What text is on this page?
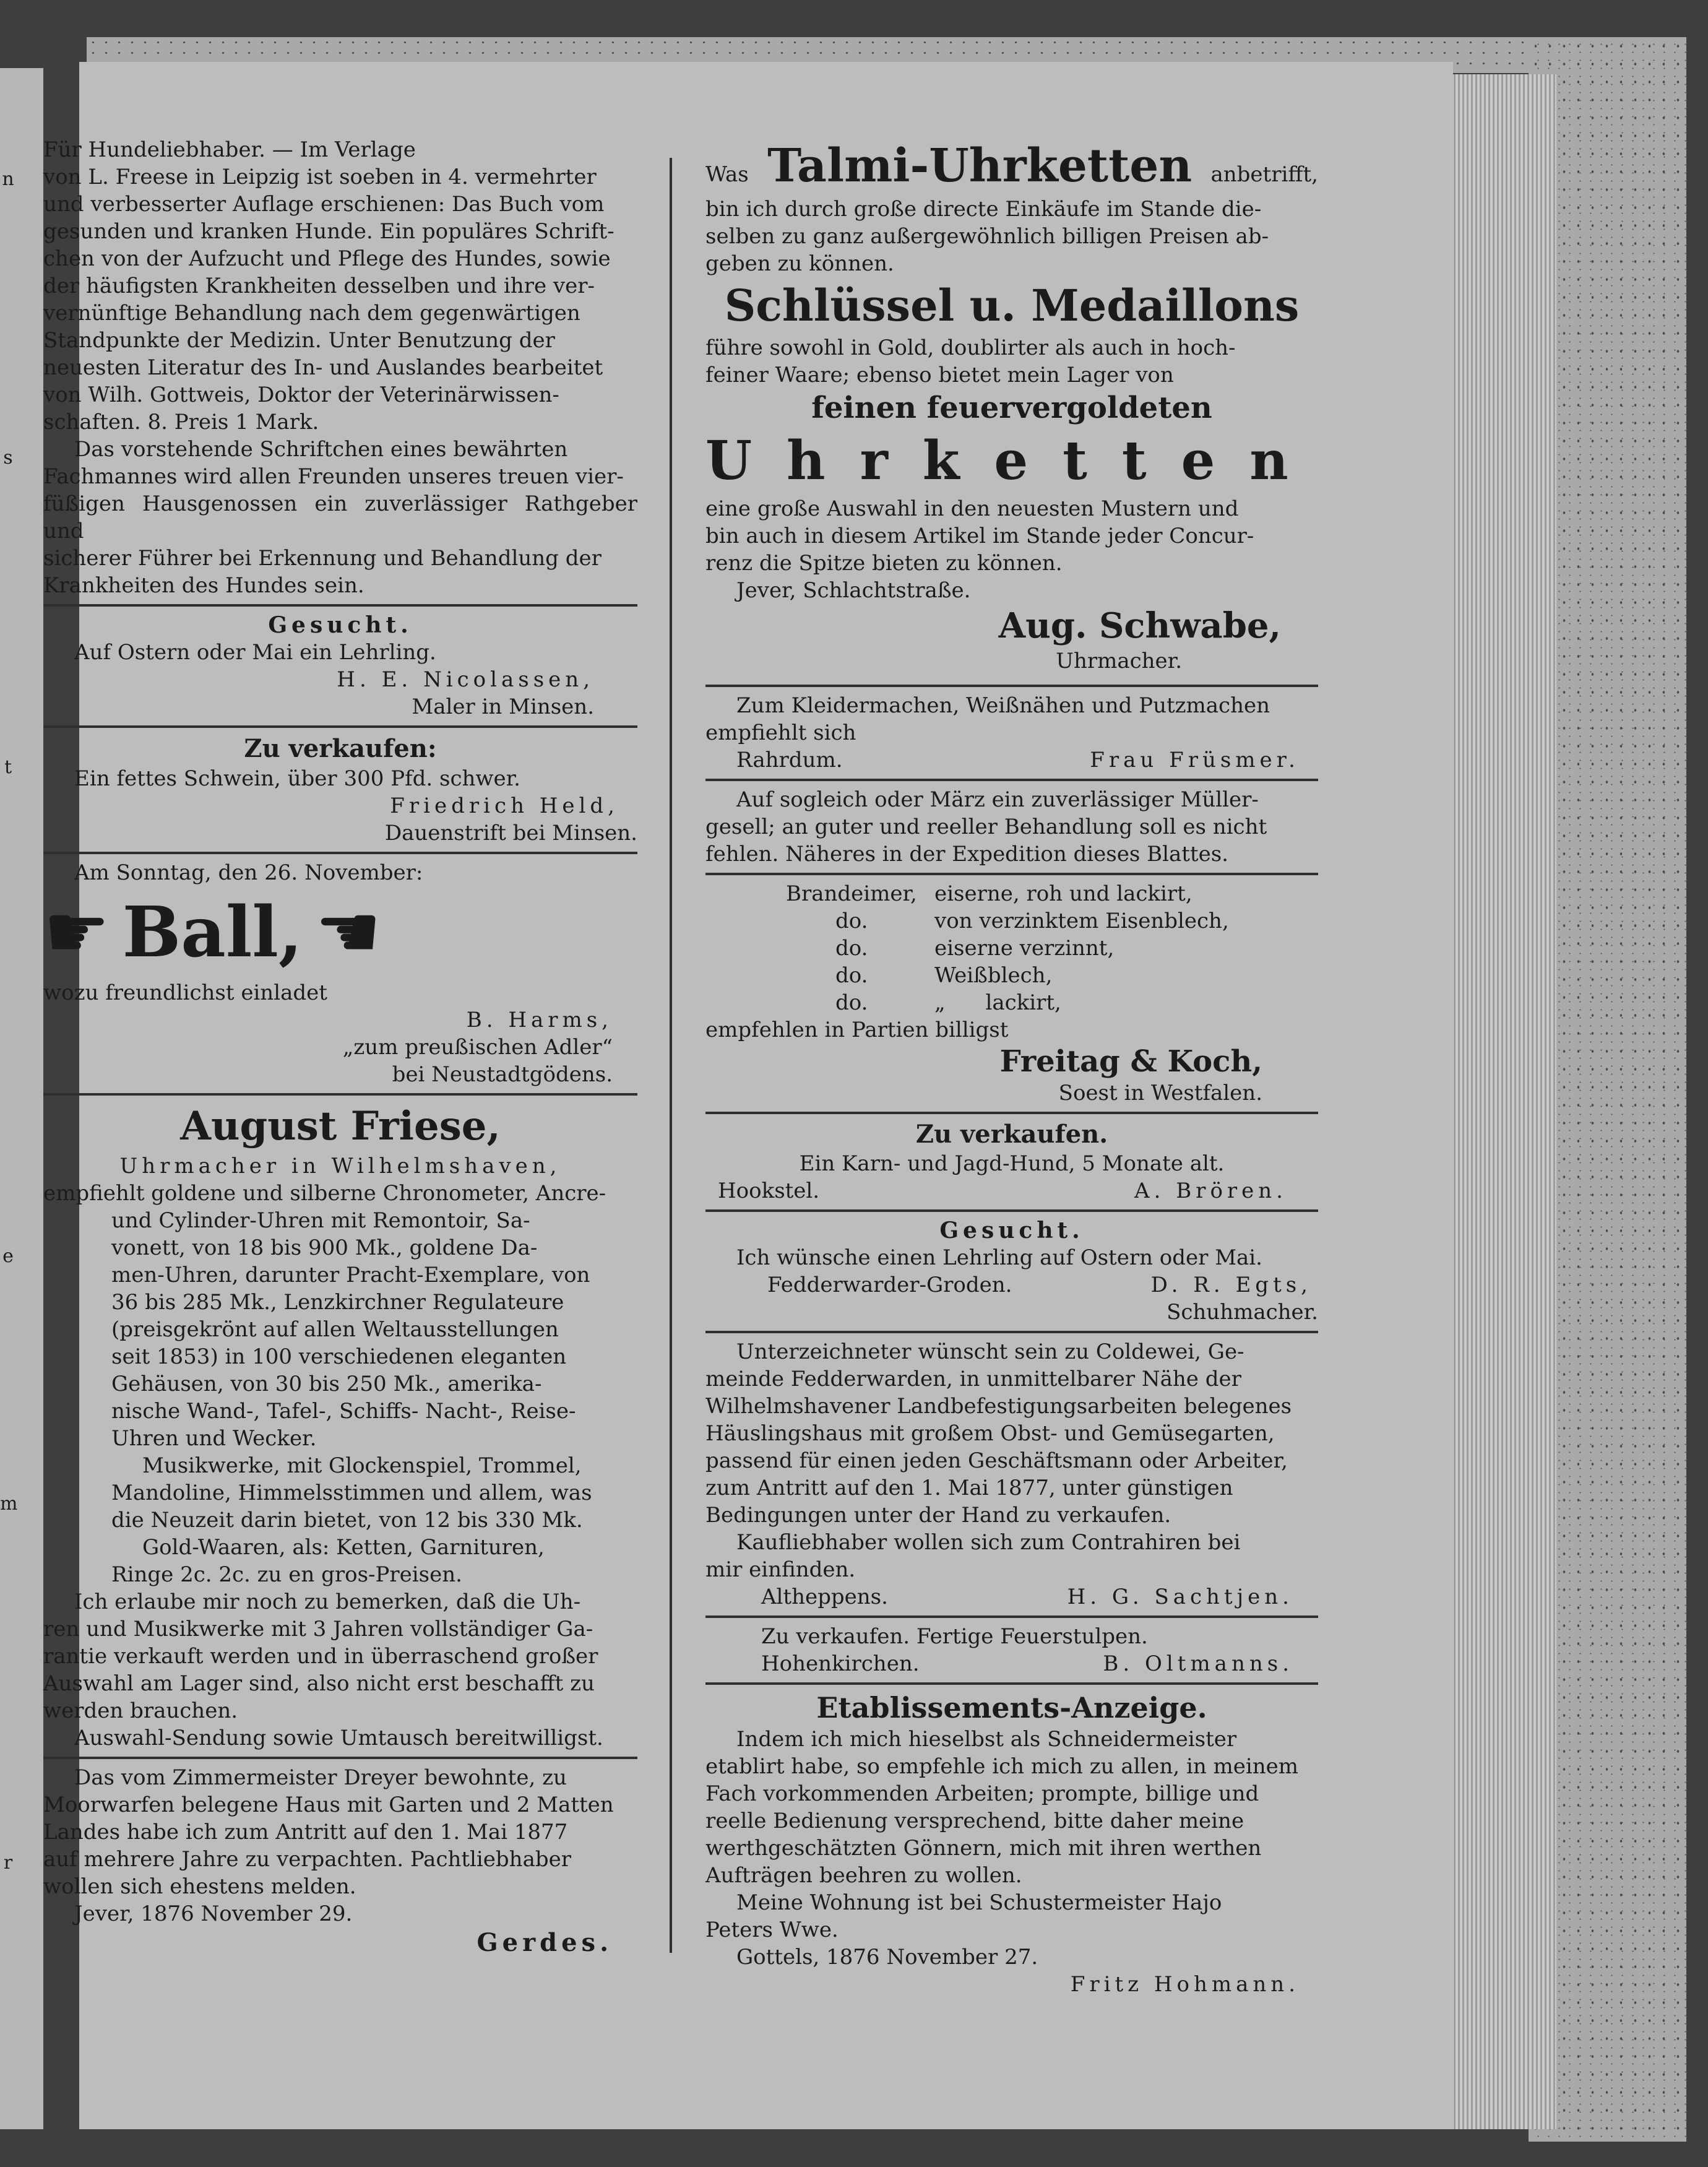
n
s
t
e
m
r

Für Hundeliebhaber. — Im Verlage

von L. Freese in Leipzig ist soeben in 4. vermehrter

und verbesserter Auflage erschienen: Das Buch vom

gesunden und kranken Hunde. Ein populäres Schrift-

chen von der Aufzucht und Pflege des Hundes, sowie

der häufigsten Krankheiten desselben und ihre ver-

vernünftige Behandlung nach dem gegenwärtigen

Standpunkte der Medizin. Unter Benutzung der

neuesten Literatur des In- und Auslandes bearbeitet

von Wilh. Gottweis, Doktor der Veterinärwissen-

schaften. 8. Preis 1 Mark.

Das vorstehende Schriftchen eines bewährten

Fachmannes wird allen Freunden unseres treuen vier-

füßigen Hausgenossen ein zuverlässiger Rathgeber und

sicherer Führer bei Erkennung und Behandlung der

Krankheiten des Hundes sein.

Gesucht.

Auf Ostern oder Mai ein Lehrling.

H. E. Nicolassen,

Maler in Minsen.

Zu verkaufen:

Ein fettes Schwein, über 300 Pfd. schwer.

Friedrich Held,

Dauenstrift bei Minsen.

Am Sonntag, den 26. November:

☛ Ball, ☚

wozu freundlichst einladet

B. Harms,

„zum preußischen Adler“

bei Neustadtgödens.

August Friese,

Uhrmacher in Wilhelmshaven,

empfiehlt goldene und silberne Chronometer, Ancre-

und Cylinder-Uhren mit Remontoir, Sa-

vonett, von 18 bis 900 Mk., goldene Da-

men-Uhren, darunter Pracht-Exemplare, von

36 bis 285 Mk., Lenzkirchner Regulateure

(preisgekrönt auf allen Weltausstellungen

seit 1853) in 100 verschiedenen eleganten

Gehäusen, von 30 bis 250 Mk., amerika-

nische Wand-, Tafel-, Schiffs- Nacht-, Reise-

Uhren und Wecker.

Musikwerke, mit Glockenspiel, Trommel,

Mandoline, Himmelsstimmen und allem, was

die Neuzeit darin bietet, von 12 bis 330 Mk.

Gold-Waaren, als: Ketten, Garnituren,

Ringe 2c. 2c. zu en gros-Preisen.

Ich erlaube mir noch zu bemerken, daß die Uh-

ren und Musikwerke mit 3 Jahren vollständiger Ga-

rantie verkauft werden und in überraschend großer

Auswahl am Lager sind, also nicht erst beschafft zu

werden brauchen.

Auswahl-Sendung sowie Umtausch bereitwilligst.

Das vom Zimmermeister Dreyer bewohnte, zu

Moorwarfen belegene Haus mit Garten und 2 Matten

Landes habe ich zum Antritt auf den 1. Mai 1877

auf mehrere Jahre zu verpachten. Pachtliebhaber

wollen sich ehestens melden.

Jever, 1876 November 29.

Gerdes.

Was Talmi-Uhrketten anbetrifft,

bin ich durch große directe Einkäufe im Stande die-

selben zu ganz außergewöhnlich billigen Preisen ab-

geben zu können.

Schlüssel u. Medaillons

führe sowohl in Gold, doublirter als auch in hoch-

feiner Waare; ebenso bietet mein Lager von

feinen feuervergoldeten

Uhrketten

eine große Auswahl in den neuesten Mustern und

bin auch in diesem Artikel im Stande jeder Concur-

renz die Spitze bieten zu können.

Jever, Schlachtstraße.

Aug. Schwabe,

Uhrmacher.

Zum Kleidermachen, Weißnähen und Putzmachen

empfiehlt sich

Rahrdum.	Frau Früsmer.

Auf sogleich oder März ein zuverlässiger Müller-

gesell; an guter und reeller Behandlung soll es nicht

fehlen. Näheres in der Expedition dieses Blattes.

Brandeimer, eiserne, roh und lackirt,
do.	von verzinktem Eisenblech,
do.	eiserne verzinnt,
do.	Weißblech,
do.	„      lackirt,

empfehlen in Partien billigst

Freitag & Koch,

Soest in Westfalen.

Zu verkaufen.

Ein Karn- und Jagd-Hund, 5 Monate alt.

Hookstel.	A. Brören.

Gesucht.

Ich wünsche einen Lehrling auf Ostern oder Mai.

Fedderwarder-Groden.	D. R. Egts,

Schuhmacher.

Unterzeichneter wünscht sein zu Coldewei, Ge-

meinde Fedderwarden, in unmittelbarer Nähe der

Wilhelmshavener Landbefestigungsarbeiten belegenes

Häuslingshaus mit großem Obst- und Gemüsegarten,

passend für einen jeden Geschäftsmann oder Arbeiter,

zum Antritt auf den 1. Mai 1877, unter günstigen

Bedingungen unter der Hand zu verkaufen.

Kaufliebhaber wollen sich zum Contrahiren bei

mir einfinden.

Altheppens.	H. G. Sachtjen.

Zu verkaufen. Fertige Feuerstulpen.

Hohenkirchen.	B. Oltmanns.

Etablissements-Anzeige.

Indem ich mich hieselbst als Schneidermeister

etablirt habe, so empfehle ich mich zu allen, in meinem

Fach vorkommenden Arbeiten; prompte, billige und

reelle Bedienung versprechend, bitte daher meine

werthgeschätzten Gönnern, mich mit ihren werthen

Aufträgen beehren zu wollen.

Meine Wohnung ist bei Schustermeister Hajo

Peters Wwe.

Gottels, 1876 November 27.

Fritz Hohmann.
